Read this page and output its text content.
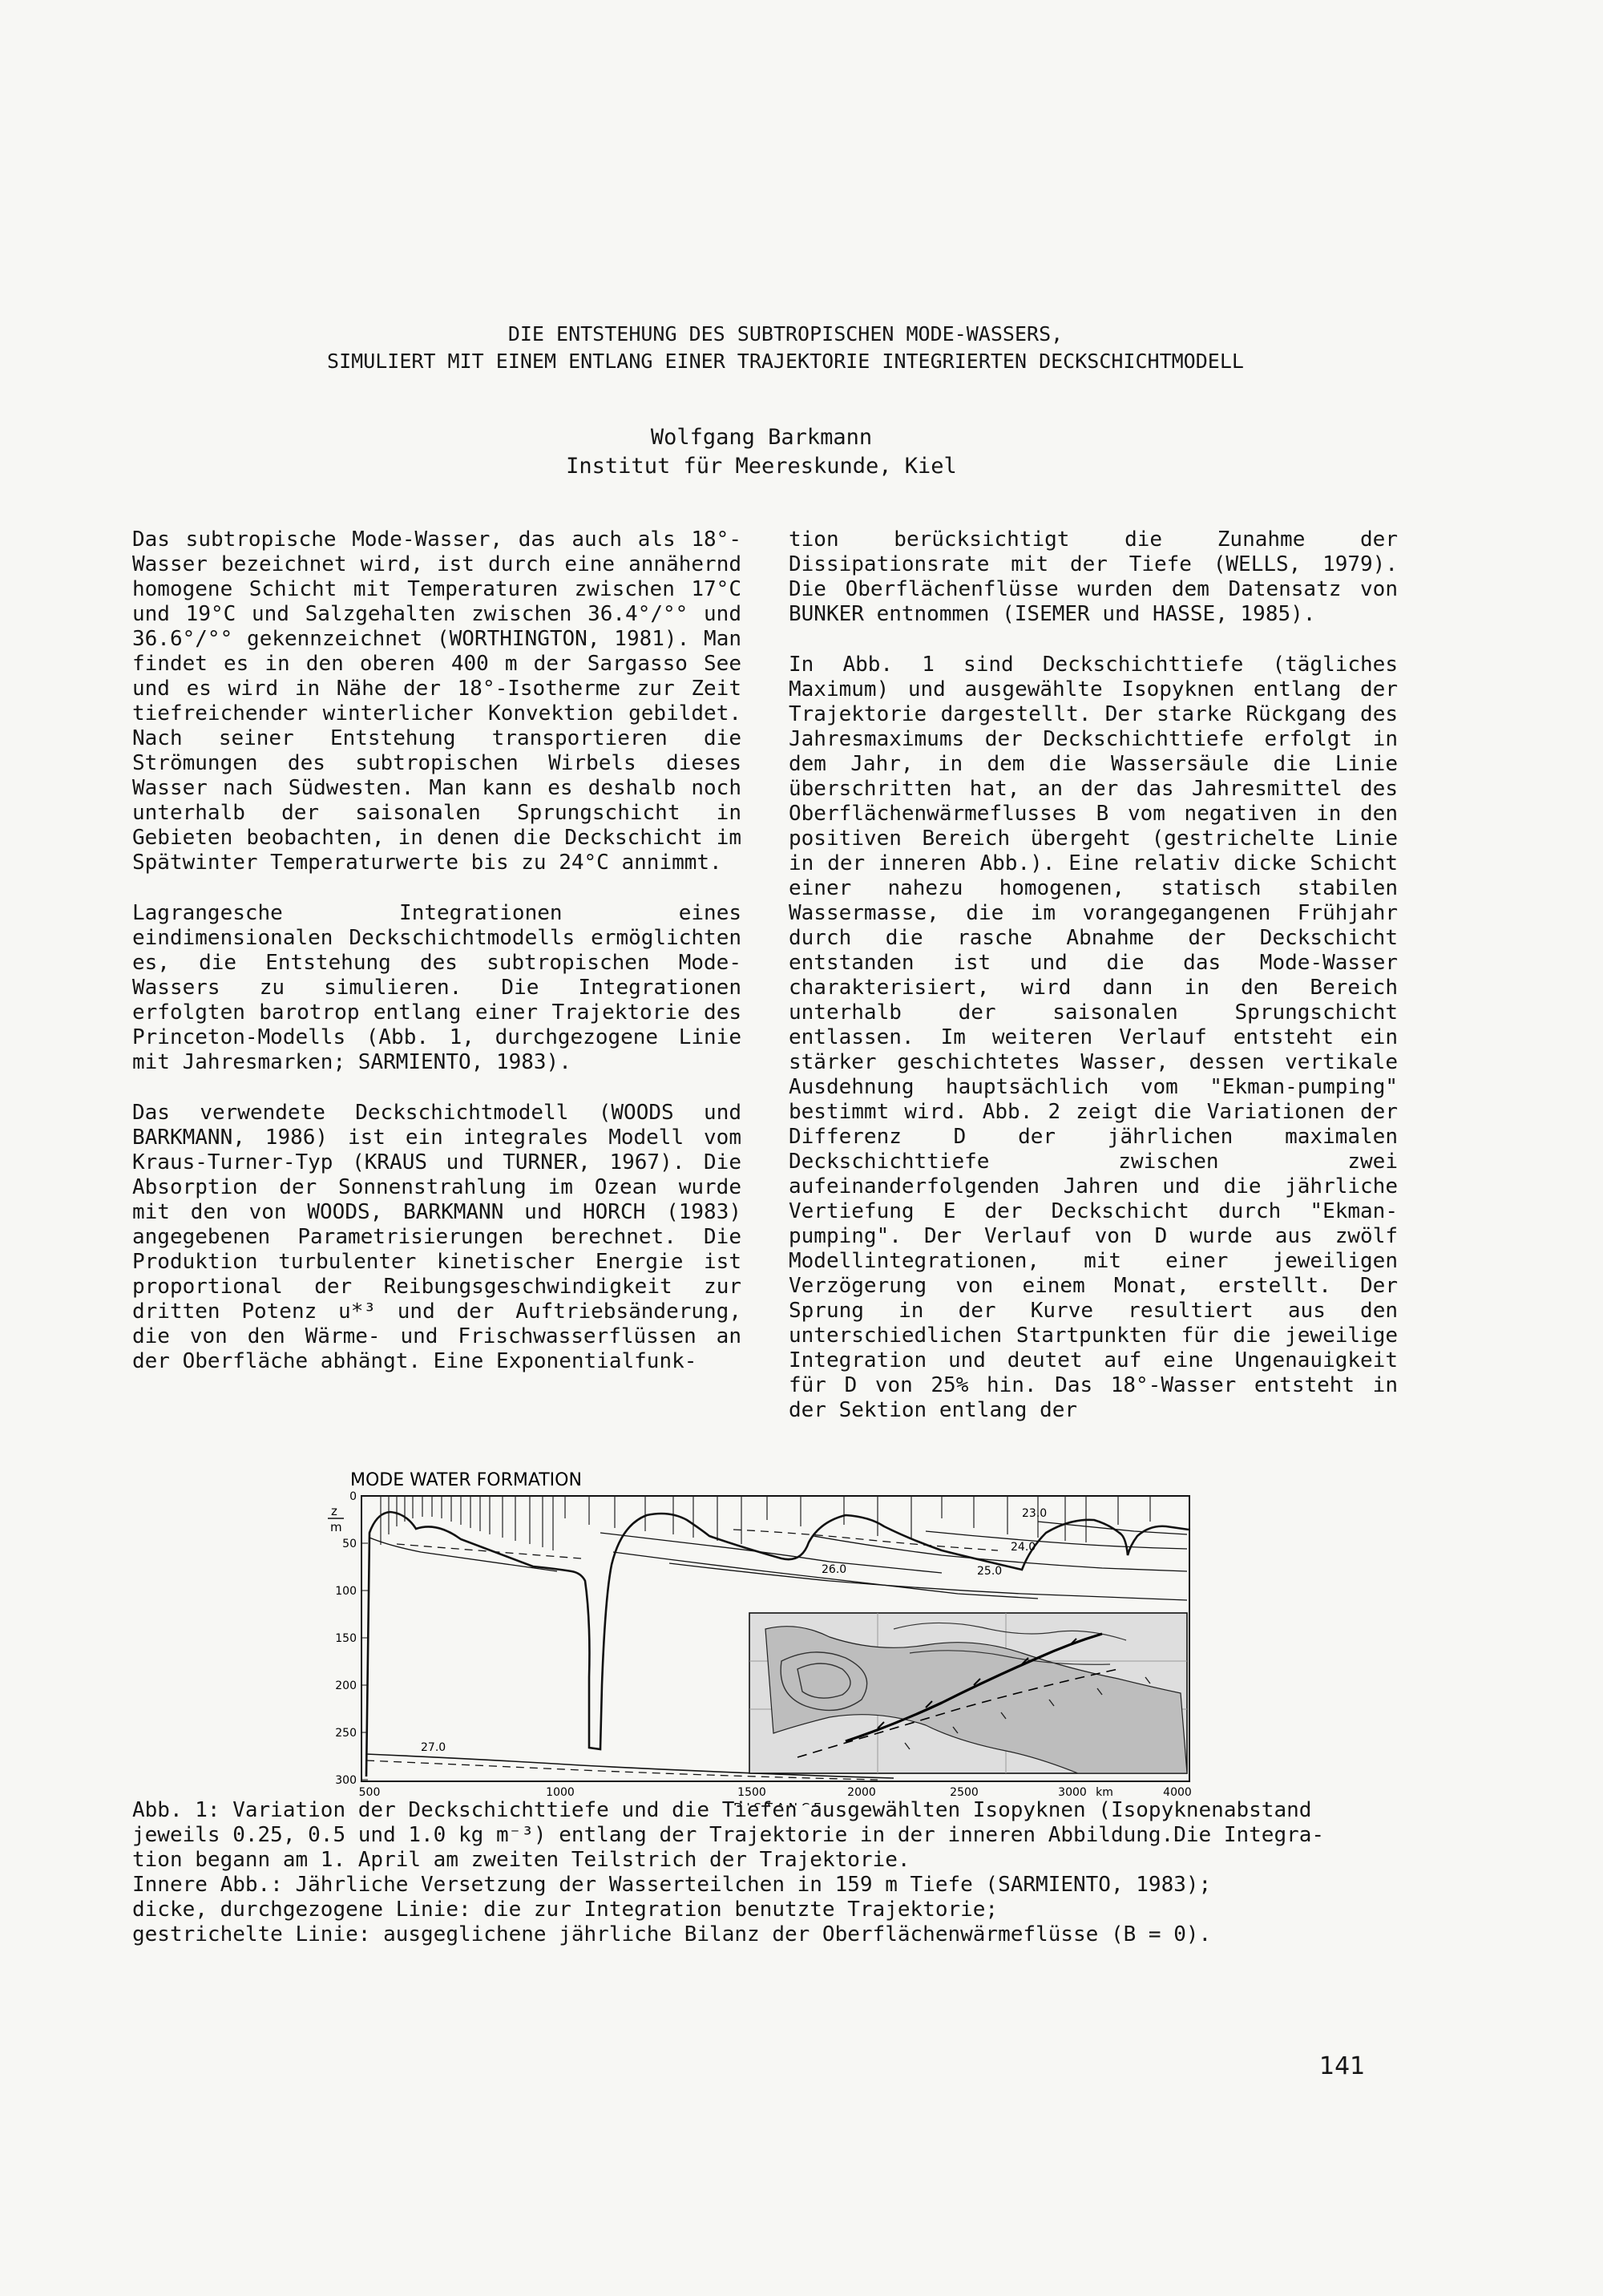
DIE ENTSTEHUNG DES SUBTROPISCHEN MODE-WASSERS,
SIMULIERT MIT EINEM ENTLANG EINER TRAJEKTORIE INTEGRIERTEN DECKSCHICHTMODELL
Wolfgang Barkmann
Institut für Meereskunde, Kiel

Das subtropische Mode-Wasser, das auch als 18°-Wasser bezeichnet wird, ist durch eine annähernd homogene Schicht mit Temperaturen zwischen 17°C und 19°C und Salzgehalten zwischen 36.4°/°° und 36.6°/°° gekennzeichnet (WORTHINGTON, 1981). Man findet es in den oberen 400 m der Sargasso See und es wird in Nähe der 18°-Isotherme zur Zeit tiefreichender winterlicher Konvektion gebildet. Nach seiner Entstehung transportieren die Strömungen des subtropischen Wirbels dieses Wasser nach Südwesten. Man kann es deshalb noch unterhalb der saisonalen Sprungschicht in Gebieten beobachten, in denen die Deckschicht im Spätwinter Temperaturwerte bis zu 24°C annimmt.

Lagrangesche Integrationen eines eindimensionalen Deckschichtmodells ermöglichten es, die Entstehung des subtropischen Mode-Wassers zu simulieren. Die Integrationen erfolgten barotrop entlang einer Trajektorie des Princeton-Modells (Abb. 1, durchgezogene Linie mit Jahresmarken; SARMIENTO, 1983).

Das verwendete Deckschichtmodell (WOODS und BARKMANN, 1986) ist ein integrales Modell vom Kraus-Turner-Typ (KRAUS und TURNER, 1967). Die Absorption der Sonnenstrahlung im Ozean wurde mit den von WOODS, BARKMANN und HORCH (1983) angegebenen Parametrisierungen berechnet. Die Produktion turbulenter kinetischer Energie ist proportional der Reibungsgeschwindigkeit zur dritten Potenz u*³ und der Auftriebsänderung, die von den Wärme- und Frischwasserflüssen an der Oberfläche abhängt. Eine Exponentialfunk-

tion berücksichtigt die Zunahme der Dissipationsrate mit der Tiefe (WELLS, 1979). Die Oberflächenflüsse wurden dem Datensatz von BUNKER entnommen (ISEMER und HASSE, 1985).

In Abb. 1 sind Deckschichttiefe (tägliches Maximum) und ausgewählte Isopyknen entlang der Trajektorie dargestellt. Der starke Rückgang des Jahresmaximums der Deckschichttiefe erfolgt in dem Jahr, in dem die Wassersäule die Linie überschritten hat, an der das Jahresmittel des Oberflächenwärmeflusses B vom negativen in den positiven Bereich übergeht (gestrichelte Linie in der inneren Abb.). Eine relativ dicke Schicht einer nahezu homogenen, statisch stabilen Wassermasse, die im vorangegangenen Frühjahr durch die rasche Abnahme der Deckschicht entstanden ist und die das Mode-Wasser charakterisiert, wird dann in den Bereich unterhalb der saisonalen Sprungschicht entlassen. Im weiteren Verlauf entsteht ein stärker geschichtetes Wasser, dessen vertikale Ausdehnung hauptsächlich vom "Ekman-pumping" bestimmt wird. Abb. 2 zeigt die Variationen der Differenz D der jährlichen maximalen Deckschichttiefe zwischen zwei aufeinanderfolgenden Jahren und die jährliche Vertiefung E der Deckschicht durch "Ekman-pumping". Der Verlauf von D wurde aus zwölf Modellintegrationen, mit einer jeweiligen Verzögerung von einem Monat, erstellt. Der Sprung in der Kurve resultiert aus den unterschiedlichen Startpunkten für die jeweilige Integration und deutet auf eine Ungenauigkeit für D von 25% hin. Das 18°-Wasser entsteht in der Sektion entlang der

MODE WATER FORMATION
z
m
0
50
100
150
200
250
300
500	1000	1500	2000	2500	3000 km	4000
23.0
24.0
25.0
26.0
27.0

Abb. 1: Variation der Deckschichttiefe und die Tiefen ausgewählten Isopyknen (Isopyknenabstand

jeweils 0.25, 0.5 und 1.0 kg m⁻³) entlang der Trajektorie in der inneren Abbildung.Die Integra-

tion begann am 1. April am zweiten Teilstrich der Trajektorie.

Innere Abb.: Jährliche Versetzung der Wasserteilchen in 159 m Tiefe (SARMIENTO, 1983);

dicke, durchgezogene Linie: die zur Integration benutzte Trajektorie;

gestrichelte Linie: ausgeglichene jährliche Bilanz der Oberflächenwärmeflüsse (B = 0).

141
